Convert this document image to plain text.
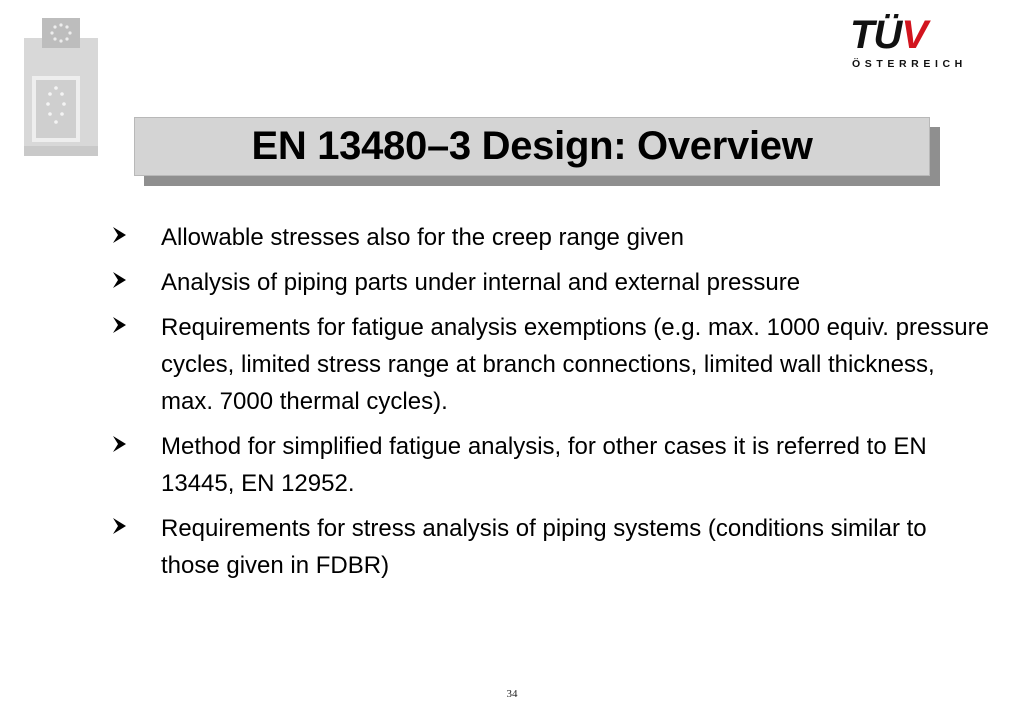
TÜV
ÖSTERREICH
EN 13480–3 Design: Overview
Allowable stresses also for the creep range given
Analysis of piping parts under internal and external pressure
Requirements for fatigue analysis exemptions (e.g. max. 1000 equiv. pressure cycles, limited stress range at branch connections, limited wall thickness, max. 7000 thermal cycles).
Method for simplified fatigue analysis, for other cases it is referred to EN 13445, EN 12952.
Requirements for stress analysis of piping systems (conditions similar to those given in FDBR)
34
